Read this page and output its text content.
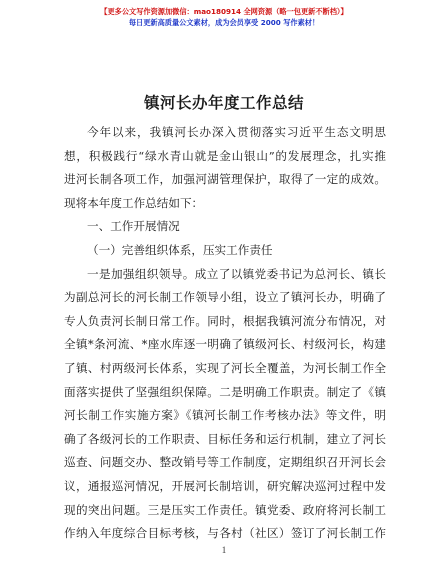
【更多公文写作资源加微信：mao180914 全网资源（略一包更新不断档）】
每日更新高质量公文素材，成为会员享受 2000 写作素材！
镇河长办年度工作总结

今年以来，我镇河长办深入贯彻落实习近平生态文明思
想，积极践行“绿水青山就是金山银山”的发展理念，扎实推
进河长制各项工作，加强河湖管理保护，取得了一定的成效。
现将本年度工作总结如下：

一、工作开展情况

（一）完善组织体系，压实工作责任

一是加强组织领导。成立了以镇党委书记为总河长、镇长
为副总河长的河长制工作领导小组，设立了镇河长办，明确了
专人负责河长制日常工作。同时，根据我镇河流分布情况，对
全镇*条河流、*座水库逐一明确了镇级河长、村级河长，构建
了镇、村两级河长体系，实现了河长全覆盖，为河长制工作全
面落实提供了坚强组织保障。二是明确工作职责。制定了《镇
河长制工作实施方案》《镇河长制工作考核办法》等文件，明
确了各级河长的工作职责、目标任务和运行机制，建立了河长
巡查、问题交办、整改销号等工作制度，定期组织召开河长会
议，通报巡河情况，开展河长制培训，研究解决巡河过程中发
现的突出问题。三是压实工作责任。镇党委、政府将河长制工
作纳入年度综合目标考核，与各村（社区）签订了河长制工作

1
